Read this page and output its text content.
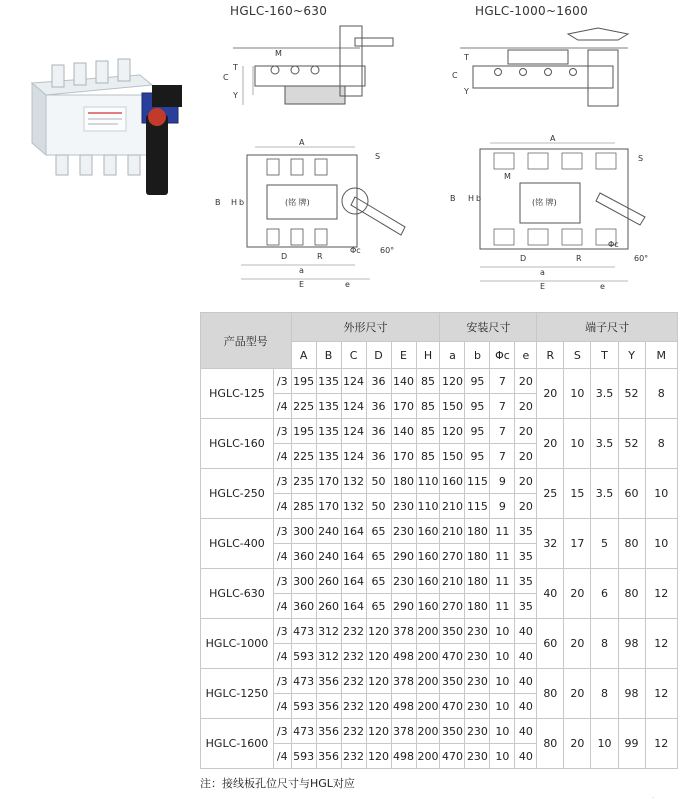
HGLC-160~630	HGLC-1000~1600
M
C
T
Y
C
T
Y
A
S
B H b
D	R
a
E	e
Φc 60°
(铭 牌)
A
S
B H b
M
D	R
a
E	e
Φc
60°
(铭 牌)
产品型号		外形尺寸						安装尺寸				端子尺寸				
		A	B	C	D	E	H	a	b	Φc	e	R	S	T	Y	M
HGLC-125	/3	195	135	124	36	140	85	120	95	7	20	20	10	3.5	52	8
	/4	225	135	124	36	170	85	150	95	7	20					
HGLC-160	/3	195	135	124	36	140	85	120	95	7	20	20	10	3.5	52	8
	/4	225	135	124	36	170	85	150	95	7	20					
HGLC-250	/3	235	170	132	50	180	110	160	115	9	20	25	15	3.5	60	10
	/4	285	170	132	50	230	110	210	115	9	20					
HGLC-400	/3	300	240	164	65	230	160	210	180	11	35	32	17	5	80	10
	/4	360	240	164	65	290	160	270	180	11	35					
HGLC-630	/3	300	260	164	65	230	160	210	180	11	35	40	20	6	80	12
	/4	360	260	164	65	290	160	270	180	11	35					
HGLC-1000	/3	473	312	232	120	378	200	350	230	10	40	60	20	8	98	12
	/4	593	312	232	120	498	200	470	230	10	40					
HGLC-1250	/3	473	356	232	120	378	200	350	230	10	40	80	20	8	98	12
	/4	593	356	232	120	498	200	470	230	10	40					
HGLC-1600	/3	473	356	232	120	378	200	350	230	10	40	80	20	10	99	12
	/4	593	356	232	120	498	200	470	230	10	40					
注：接线板孔位尺寸与HGL对应
.
